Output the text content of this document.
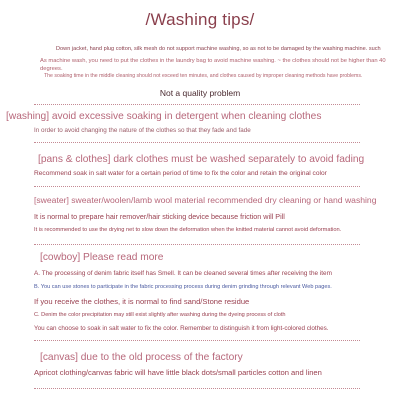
/Washing tips/
Down jacket, hand plug cotton, silk mesh do not support machine washing, so as not to be damaged by the washing machine. such
As machine wash, you need to put the clothes in the laundry bag to avoid machine washing. ~ the clothes should not be higher than 40 degrees.
The soaking time in the middle cleaning should not exceed ten minutes, and clothes caused by improper cleaning methods have problems.
Not a quality problem
[washing] avoid excessive soaking in detergent when cleaning clothes
In order to avoid changing the nature of the clothes so that they fade and fade
[pans & clothes] dark clothes must be washed separately to avoid fading
Recommend soak in salt water for a certain period of time to fix the color and retain the original color
[sweater] sweater/woolen/lamb wool material recommended dry cleaning or hand washing
It is normal to prepare hair remover/hair sticking device because friction will Pill
It is recommended to use the drying net to slow down the deformation when the knitted material cannot avoid deformation.
[cowboy] Please read more
A. The processing of denim fabric itself has Smell. It can be cleaned several times after receiving the item
B. You can use stones to participate in the fabric processing process during denim grinding through relevant Web pages.
If you receive the clothes, it is normal to find sand/Stone residue
C. Denim the color precipitation may still exist slightly after washing during the dyeing process of cloth
You can choose to soak in salt water to fix the color. Remember to distinguish it from light-colored clothes.
[canvas] due to the old process of the factory
Apricot clothing/canvas fabric will have little black dots/small particles cotton and linen
